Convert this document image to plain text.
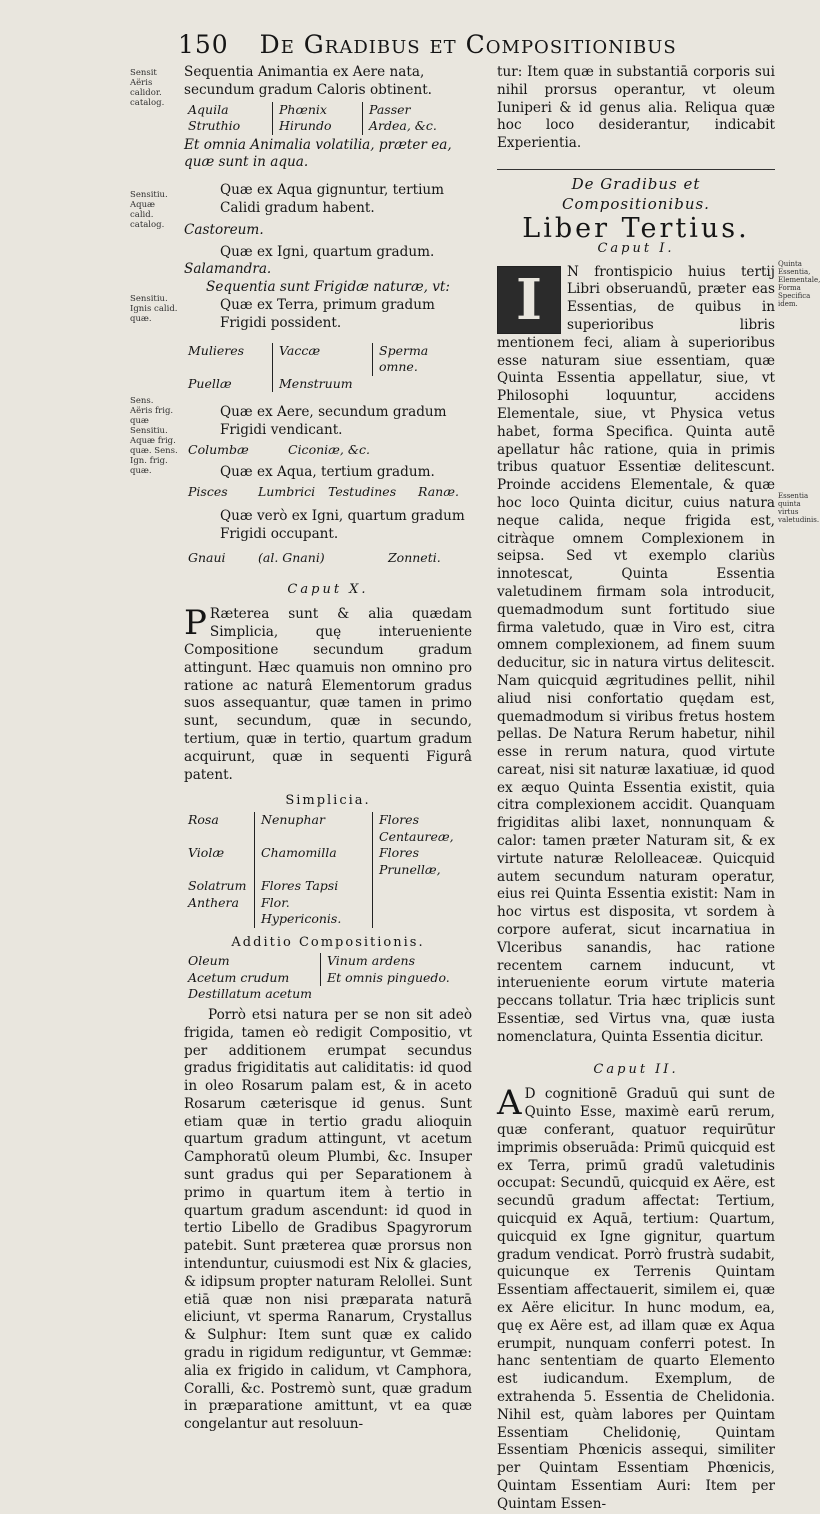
150 De Gradibus et Compositionibus
Sensit Aëris calidor. catalog.
Sensitiu. Aquæ calid. catalog.
Sensitiu. Ignis calid. quæ.
Sens. Aëris frig. quæ Sensitiu. Aquæ frig. quæ. Sens. Ign. frig. quæ.
Quinta Essentia, Elementale, Forma Specifica idem.
Essentia quinta virtus valetudinis.

Sequentia Animantia ex Aere nata, secundum gradum Caloris obtinent.

Aquila	Phœnix	Passer
Struthio	Hirundo	Ardea, &c.

Et omnia Animalia volatilia, præter ea, quæ sunt in aqua.

Quæ ex Aqua gignuntur, tertium Calidi gradum habent.

Castoreum.

Quæ ex Igni, quartum gradum.

Salamandra.

Sequentia sunt Frigidæ naturæ, vt:

Quæ ex Terra, primum gradum Frigidi possident.

Mulieres	Vaccæ	Sperma omne.
Puellæ	Menstruum

Quæ ex Aere, secundum gradum Frigidi vendicant.

Columbæ	Ciconiæ, &c.

Quæ ex Aqua, tertium gradum.

Pisces	Lumbrici	Testudines	Ranæ.

Quæ verò ex Igni, quartum gradum Frigidi occupant.

Gnaui	(al. Gnani)	Zonneti.
Caput X.

P Ræterea sunt & alia quædam Simplicia, quę interueniente Compositione secundum gradum attingunt. Hæc quamuis non omnino pro ratione ac naturâ Elementorum gradus suos assequantur, quæ tamen in primo sunt, secundum, quæ in secundo, tertium, quæ in tertio, quartum gradum acquirunt, quæ in sequenti Figurâ patent.

Simplicia.
Rosa	Nenuphar	Flores Centaureæ,
Violæ	Chamomilla	Flores Prunellæ,
Solatrum	Flores Tapsi
Anthera	Flor. Hypericonis.
Additio Compositionis.
Oleum	Vinum ardens
Acetum crudum	Et omnis pinguedo.
Destillatum acetum

Porrò etsi natura per se non sit adeò frigida, tamen eò redigit Compositio, vt per additionem erumpat secundus gradus frigiditatis aut caliditatis: id quod in oleo Rosarum palam est, & in aceto Rosarum cæterisque id genus. Sunt etiam quæ in tertio gradu alioquin quartum gradum attingunt, vt acetum Camphoratū oleum Plumbi, &c. Insuper sunt gradus qui per Separationem à primo in quartum item à tertio in quartum gradum ascendunt: id quod in tertio Libello de Gradibus Spagyrorum patebit. Sunt præterea quæ prorsus non intenduntur, cuiusmodi est Nix & glacies, & idipsum propter naturam Relollei. Sunt etiā quæ non nisi præparata naturā eliciunt, vt sperma Ranarum, Crystallus & Sulphur: Item sunt quæ ex calido gradu in rigidum rediguntur, vt Gemmæ: alia ex frigido in calidum, vt Camphora, Coralli, &c. Postremò sunt, quæ gradum in præparatione amittunt, vt ea quæ congelantur aut resoluun-

tur: Item quæ in substantiā corporis sui nihil prorsus operantur, vt oleum Iuniperi & id genus alia. Reliqua quæ hoc loco desiderantur, indicabit Experientia.

De Gradibus et Compositionibus.
Liber Tertius.
Caput I.

I	N frontispicio huius tertij Libri obseruandū, præter eas Essentias, de quibus in superioribus libris mentionem feci, aliam à superioribus esse naturam siue essentiam, quæ Quinta Essentia appellatur, siue, vt Philosophi loquuntur, accidens Elementale, siue, vt Physica vetus habet, forma Specifica. Quinta autē apellatur hâc ratione, quia in primis tribus quatuor Essentiæ delitescunt. Proinde accidens Elementale, & quæ hoc loco Quinta dicitur, cuius natura neque calida, neque frigida est, citràque omnem Complexionem in seipsa. Sed vt exemplo clariùs innotescat, Quinta Essentia valetudinem firmam sola introducit, quemadmodum sunt fortitudo siue firma valetudo, quæ in Viro est, citra omnem complexionem, ad finem suum deducitur, sic in natura virtus delitescit. Nam quicquid ægritudines pellit, nihil aliud nisi confortatio quędam est, quemadmodum si viribus fretus hostem pellas. De Natura Rerum habetur, nihil esse in rerum natura, quod virtute careat, nisi sit naturæ laxatiuæ, id quod ex æquo Quinta Essentia existit, quia citra complexionem accidit. Quanquam frigiditas alibi laxet, nonnunquam & calor: tamen præter Naturam sit, & ex virtute naturæ Relolleaceæ. Quicquid autem secundum naturam operatur, eius rei Quinta Essentia existit: Nam in hoc virtus est disposita, vt sordem à corpore auferat, sicut incarnatiua in Vlceribus sanandis, hac ratione recentem carnem inducunt, vt interueniente eorum virtute materia peccans tollatur. Tria hæc triplicis sunt Essentiæ, sed Virtus vna, quæ iusta nomenclatura, Quinta Essentia dicitur.

Caput II.

A D cognitionē Graduū qui sunt de Quinto Esse, maximè earū rerum, quæ conferant, quatuor requirūtur imprimis obseruāda: Primū quicquid est ex Terra, primū gradū valetudinis occupat: Secundū, quicquid ex Aëre, est secundū gradum affectat: Tertium, quicquid ex Aquā, tertium: Quartum, quicquid ex Igne gignitur, quartum gradum vendicat. Porrò frustrà sudabit, quicunque ex Terrenis Quintam Essentiam affectauerit, similem ei, quæ ex Aëre elicitur. In hunc modum, ea, quę ex Aëre est, ad illam quæ ex Aqua erumpit, nunquam conferri potest. In hanc sententiam de quarto Elemento est iudicandum. Exemplum, de extrahenda 5. Essentia de Chelidonia. Nihil est, quàm labores per Quintam Essentiam Chelidonię, Quintam Essentiam Phœnicis assequi, similiter per Quintam Essentiam Phœnicis, Quintam Essentiam Auri: Item per Quintam Essen-
